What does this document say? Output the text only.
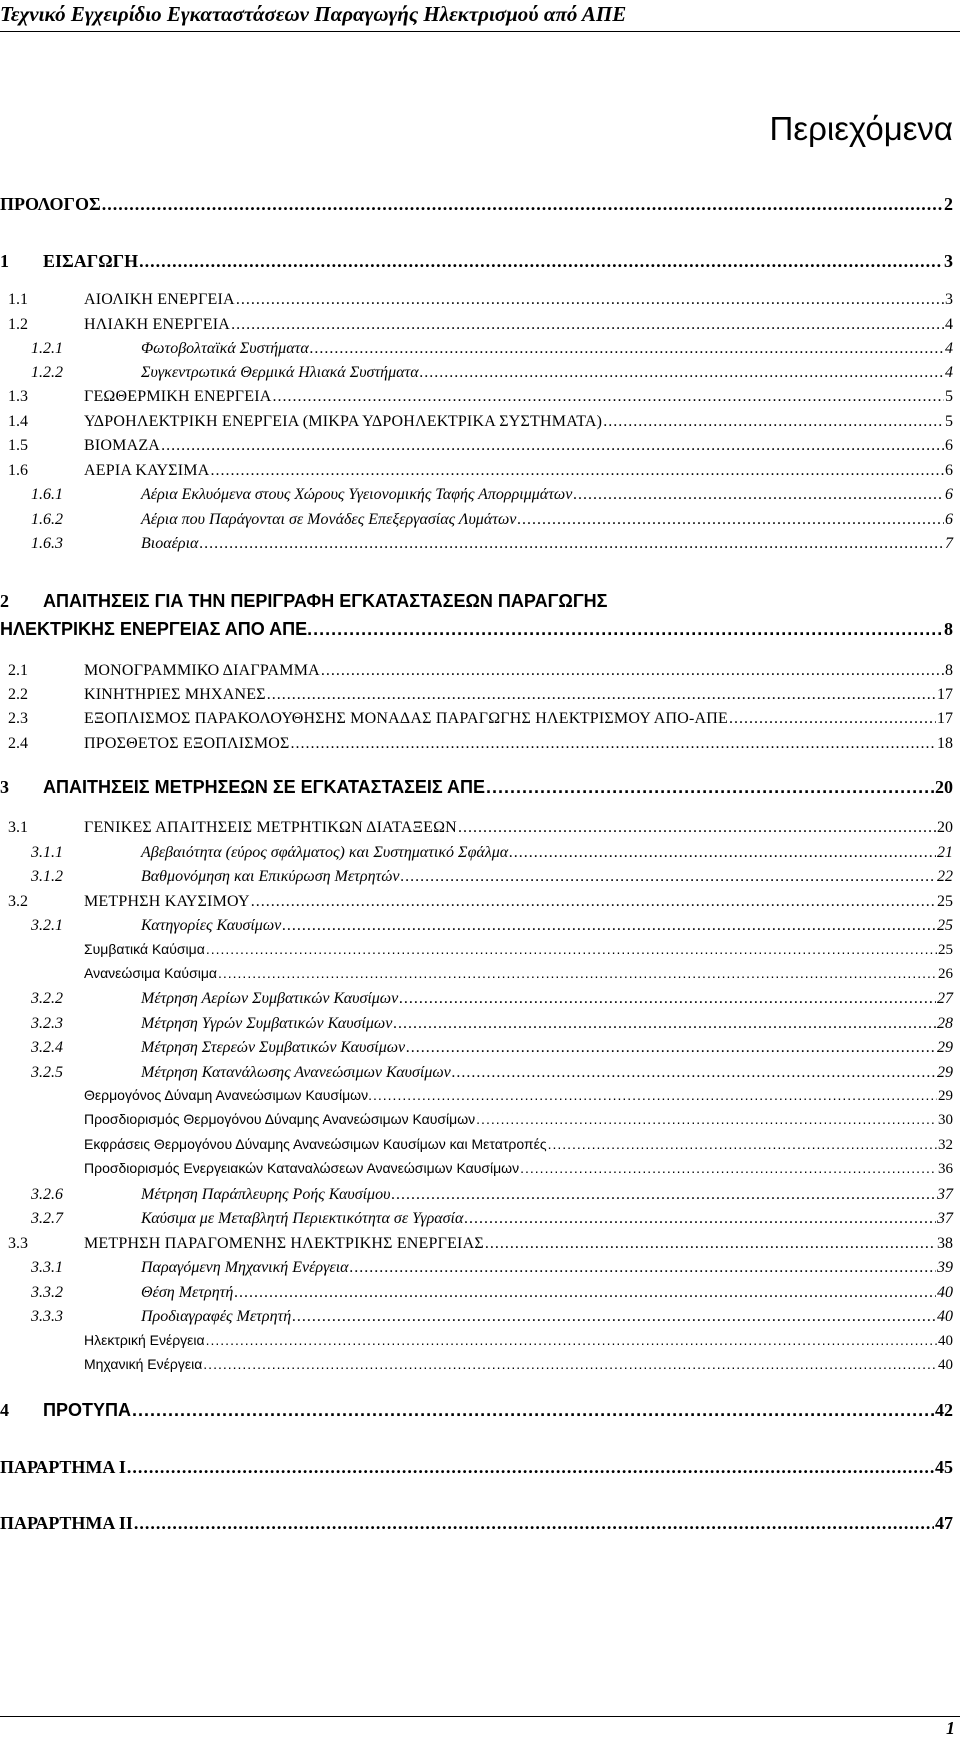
Τεχνικό Εγχειρίδιο Εγκαταστάσεων Παραγωγής Ηλεκτρισμού από ΑΠΕ
Περιεχόμενα
ΠΡΟΛΟΓΟΣ .....	2
1	ΕΙΣΑΓΩΓΗ .....	3
1.1	ΑΙΟΛΙΚΗ ΕΝΕΡΓΕΙΑ .....	3
1.2	ΗΛΙΑΚΗ ΕΝΕΡΓΕΙΑ .....	4
1.2.1	Φωτοβολταϊκά Συστήματα .....	4
1.2.2	Συγκεντρωτικά Θερμικά Ηλιακά Συστήματα .....	4
1.3	ΓΕΩΘΕΡΜΙΚΗ ΕΝΕΡΓΕΙΑ .....	5
1.4	ΥΔΡΟΗΛΕΚΤΡΙΚΗ ΕΝΕΡΓΕΙΑ (ΜΙΚΡΑ ΥΔΡΟΗΛΕΚΤΡΙΚΑ ΣΥΣΤΗΜΑΤΑ) .....	5
1.5	ΒΙΟΜΑΖΑ .....	6
1.6	ΑΕΡΙΑ ΚΑΥΣΙΜΑ .....	6
1.6.1	Αέρια Εκλυόμενα στους Χώρους Υγειονομικής Ταφής Απορριμμάτων .....	6
1.6.2	Αέρια που Παράγονται σε Μονάδες Επεξεργασίας Λυμάτων .....	6
1.6.3	Βιοαέρια .....	7
2	ΑΠΑΙΤΗΣΕΙΣ ΓΙΑ ΤΗΝ ΠΕΡΙΓΡΑΦΗ ΕΓΚΑΤΑΣΤΑΣΕΩΝ ΠΑΡΑΓΩΓΗΣ
ΗΛΕΚΤΡΙΚΗΣ ΕΝΕΡΓΕΙΑΣ ΑΠΟ ΑΠΕ. .....	8
2.1	ΜΟΝΟΓΡΑΜΜΙΚΟ ΔΙΑΓΡΑΜΜΑ .....	8
2.2	ΚΙΝΗΤΗΡΙΕΣ ΜΗΧΑΝΕΣ .....	17
2.3	ΕΞΟΠΛΙΣΜΟΣ ΠΑΡΑΚΟΛΟΥΘΗΣΗΣ ΜΟΝΑΔΑΣ ΠΑΡΑΓΩΓΗΣ ΗΛΕΚΤΡΙΣΜΟΥ ΑΠΟ-ΑΠΕ .....	17
2.4	ΠΡΟΣΘΕΤΟΣ ΕΞΟΠΛΙΣΜΟΣ .....	18
3	ΑΠΑΙΤΗΣΕΙΣ ΜΕΤΡΗΣΕΩΝ ΣΕ ΕΓΚΑΤΑΣΤΑΣΕΙΣ ΑΠΕ .....	20
3.1	ΓΕΝΙΚΕΣ ΑΠΑΙΤΗΣΕΙΣ ΜΕΤΡΗΤΙΚΩΝ ΔΙΑΤΑΞΕΩΝ .....	20
3.1.1	Αβεβαιότητα (εύρος σφάλματος) και Συστηματικό Σφάλμα .....	21
3.1.2	Βαθμονόμηση και Επικύρωση Μετρητών .....	22
3.2	ΜΕΤΡΗΣΗ ΚΑΥΣΙΜΟΥ .....	25
3.2.1	Κατηγορίες Καυσίμων .....	25
Συμβατικά Καύσιμα .....	25
Ανανεώσιμα Καύσιμα .....	26
3.2.2	Μέτρηση Αερίων Συμβατικών Καυσίμων .....	27
3.2.3	Μέτρηση Υγρών Συμβατικών Καυσίμων .....	28
3.2.4	Μέτρηση Στερεών Συμβατικών Καυσίμων .....	29
3.2.5	Μέτρηση Κατανάλωσης Ανανεώσιμων Καυσίμων .....	29
Θερμογόνος Δύναμη Ανανεώσιμων Καυσίμων. .....	29
Προσδιορισμός Θερμογόνου Δύναμης Ανανεώσιμων Καυσίμων .....	30
Εκφράσεις Θερμογόνου Δύναμης Ανανεώσιμων Καυσίμων και Μετατροπές .....	32
Προσδιορισμός Ενεργειακών Καταναλώσεων Ανανεώσιμων Καυσίμων .....	36
3.2.6	Μέτρηση Παράπλευρης Ροής Καυσίμου .....	37
3.2.7	Καύσιμα με Μεταβλητή Περιεκτικότητα σε Υγρασία .....	37
3.3	ΜΕΤΡΗΣΗ ΠΑΡΑΓΟΜΕΝΗΣ ΗΛΕΚΤΡΙΚΗΣ ΕΝΕΡΓΕΙΑΣ .....	38
3.3.1	Παραγόμενη Μηχανική Ενέργεια .....	39
3.3.2	Θέση Μετρητή .....	40
3.3.3	Προδιαγραφές Μετρητή .....	40
Ηλεκτρική Ενέργεια .....	40
Μηχανική Ενέργεια .....	40
4	ΠΡΟΤΥΠΑ .....	42
ΠΑΡΑΡΤΗΜΑ Ι .....	45
ΠΑΡΑΡΤΗΜΑ ΙΙ .....	47
1
